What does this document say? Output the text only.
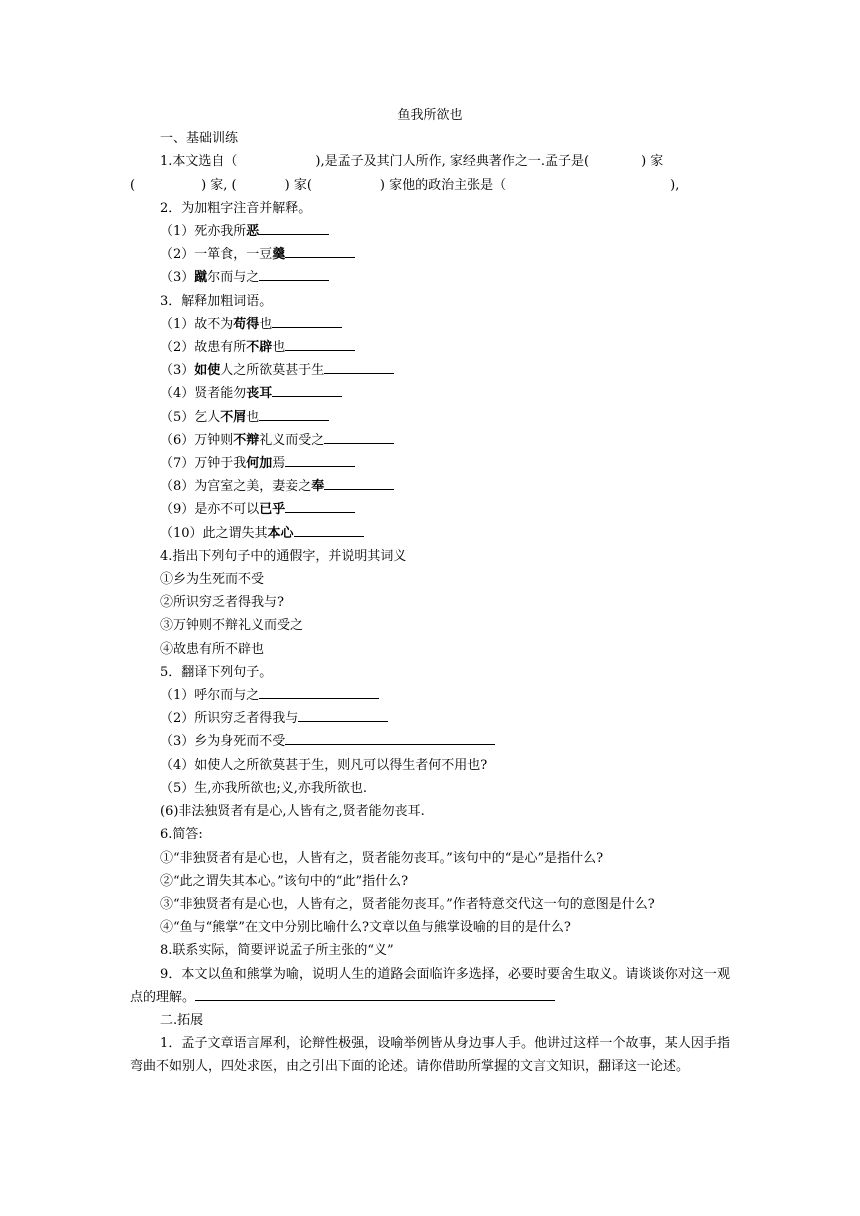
鱼我所欲也
一、基础训练
1.本文选自（	),是孟子及其门人所作, 家经典著作之一.孟子是(	) 家
(	) 家, (	) 家(	) 家他的政治主张是（	),
2．为加粗字注音并解释。
（1）死亦我所恶
（2）一箪食，一豆羹
（3）蹴尔而与之
3．解释加粗词语。
（1）故不为苟得也
（2）故患有所不辟也
（3）如使人之所欲莫甚于生
（4）贤者能勿丧耳
（5）乞人不屑也
（6）万钟则不辩礼义而受之
（7）万钟于我何加焉
（8）为宫室之美，妻妾之奉
（9）是亦不可以已乎
（10）此之谓失其本心
4.指出下列句子中的通假字，并说明其词义
①乡为生死而不受
②所识穷乏者得我与?
③万钟则不辩礼义而受之
④故患有所不辟也
5．翻译下列句子。
（1）呼尔而与之
（2）所识穷乏者得我与
（3）乡为身死而不受
（4）如使人之所欲莫甚于生，则凡可以得生者何不用也?
（5）生,亦我所欲也;义,亦我所欲也.
(6)非法独贤者有是心,人皆有之,贤者能勿丧耳.
6.简答:
①“非独贤者有是心也，人皆有之，贤者能勿丧耳。”该句中的“是心”是指什么?
②“此之谓失其本心。”该句中的“此”指什么?
③“非独贤者有是心也，人皆有之，贤者能勿丧耳。”作者特意交代这一句的意图是什么?
④“鱼与“熊掌”在文中分别比喻什么?文章以鱼与熊掌设喻的目的是什么?
8.联系实际，简要评说孟子所主张的“义”
9．本文以鱼和熊掌为喻，说明人生的道路会面临许多选择，必要时要舍生取义。请谈谈你对这一观点的理解。
二.拓展
1．孟子文章语言犀利，论辩性极强，设喻举例皆从身边事人手。他讲过这样一个故事，某人因手指弯曲不如别人，四处求医，由之引出下面的论述。请你借助所掌握的文言文知识，翻译这一论述。
